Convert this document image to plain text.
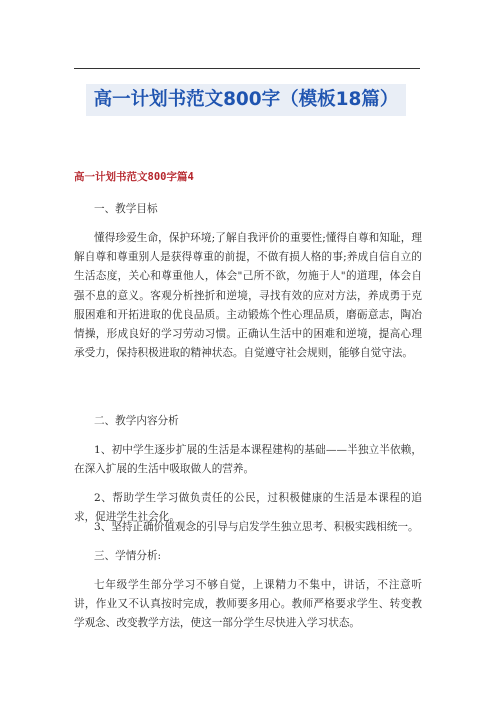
高一计划书范文800字（模板18篇）
高一计划书范文800字篇4

一、教学目标

懂得珍爱生命，保护环境;了解自我评价的重要性;懂得自尊和知耻，理解自尊和尊重别人是获得尊重的前提，不做有损人格的事;养成自信自立的生活态度，关心和尊重他人，体会"己所不欲，勿施于人"的道理，体会自强不息的意义。客观分析挫折和逆境，寻找有效的应对方法，养成勇于克服困难和开拓进取的优良品质。主动锻炼个性心理品质，磨砺意志，陶冶情操，形成良好的学习劳动习惯。正确认生活中的困难和逆境，提高心理承受力，保持积极进取的精神状态。自觉遵守社会规则，能够自觉守法。

二、教学内容分析

1、初中学生逐步扩展的生活是本课程建构的基础——半独立半依赖，在深入扩展的生活中吸取做人的营养。

2、帮助学生学习做负责任的公民，过积极健康的生活是本课程的追求，促进学生社会化。

3、坚持正确价值观念的引导与启发学生独立思考、积极实践相统一。

三、学情分析:

七年级学生部分学习不够自觉，上课精力不集中，讲话，不注意听讲，作业又不认真按时完成，教师要多用心。教师严格要求学生、转变教学观念、改变教学方法，使这一部分学生尽快进入学习状态。
